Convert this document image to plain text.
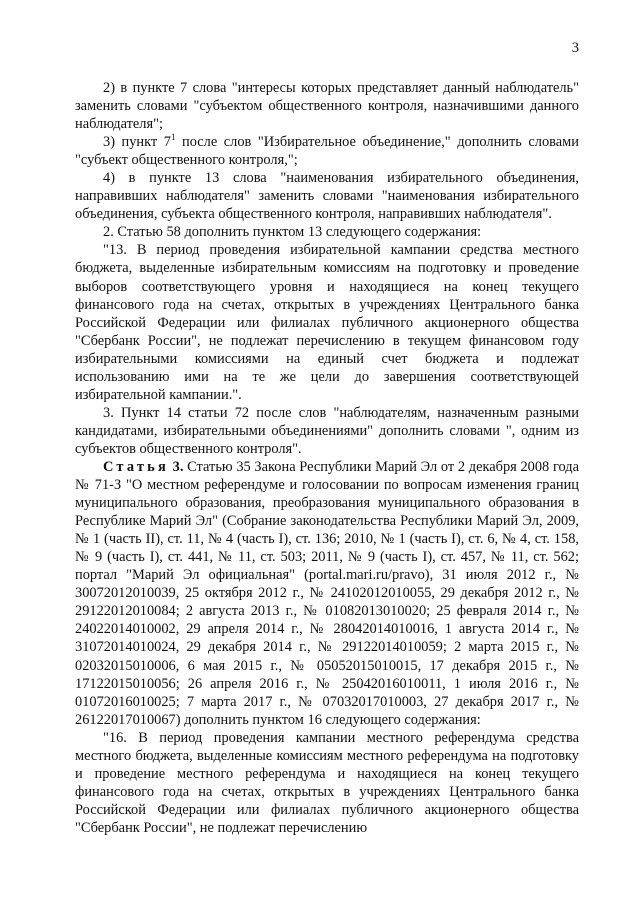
3

2) в пункте 7 слова "интересы которых представляет данный наблюдатель" заменить словами "субъектом общественного контроля, назначившими данного наблюдателя";

3) пункт $7^1$ после слов "Избирательное объединение," дополнить словами "субъект общественного контроля,";

4) в пункте 13 слова "наименования избирательного объединения, направивших наблюдателя" заменить словами "наименования избирательного объединения, субъекта общественного контроля, направивших наблюдателя".

2. Статью 58 дополнить пунктом 13 следующего содержания:

"13. В период проведения избирательной кампании средства местного бюджета, выделенные избирательным комиссиям на подготовку и проведение выборов соответствующего уровня и находящиеся на конец текущего финансового года на счетах, открытых в учреждениях Центрального банка Российской Федерации или филиалах публичного акционерного общества "Сбербанк России", не подлежат перечислению в текущем финансовом году избирательными комиссиями на единый счет бюджета и подлежат использованию ими на те же цели до завершения соответствующей избирательной кампании.".

3. Пункт 14 статьи 72 после слов "наблюдателям, назначенным разными кандидатами, избирательными объединениями" дополнить словами ", одним из субъектов общественного контроля".

Статья 3. Статью 35 Закона Республики Марий Эл от 2 декабря 2008 года № 71-З "О местном референдуме и голосовании по вопросам изменения границ муниципального образования, преобразования муниципального образования в Республике Марий Эл" (Собрание законодательства Республики Марий Эл, 2009, № 1 (часть II), ст. 11, № 4 (часть I), ст. 136; 2010, № 1 (часть I), ст. 6, № 4, ст. 158, № 9 (часть I), ст. 441, № 11, ст. 503; 2011, № 9 (часть I), ст. 457, № 11, ст. 562; портал "Марий Эл официальная" (portal.mari.ru/pravo), 31 июля 2012 г., № 30072012010039, 25 октября 2012 г., № 24102012010055, 29 декабря 2012 г., № 29122012010084; 2 августа 2013 г., № 01082013010020; 25 февраля 2014 г., № 24022014010002, 29 апреля 2014 г., № 28042014010016, 1 августа 2014 г., № 31072014010024, 29 декабря 2014 г., № 29122014010059; 2 марта 2015 г., № 02032015010006, 6 мая 2015 г., № 05052015010015, 17 декабря 2015 г., № 17122015010056; 26 апреля 2016 г., № 25042016010011, 1 июля 2016 г., № 01072016010025; 7 марта 2017 г., № 07032017010003, 27 декабря 2017 г., № 26122017010067) дополнить пунктом 16 следующего содержания:

"16. В период проведения кампании местного референдума средства местного бюджета, выделенные комиссиям местного референдума на подготовку и проведение местного референдума и находящиеся на конец текущего финансового года на счетах, открытых в учреждениях Центрального банка Российской Федерации или филиалах публичного акционерного общества "Сбербанк России", не подлежат перечислению
